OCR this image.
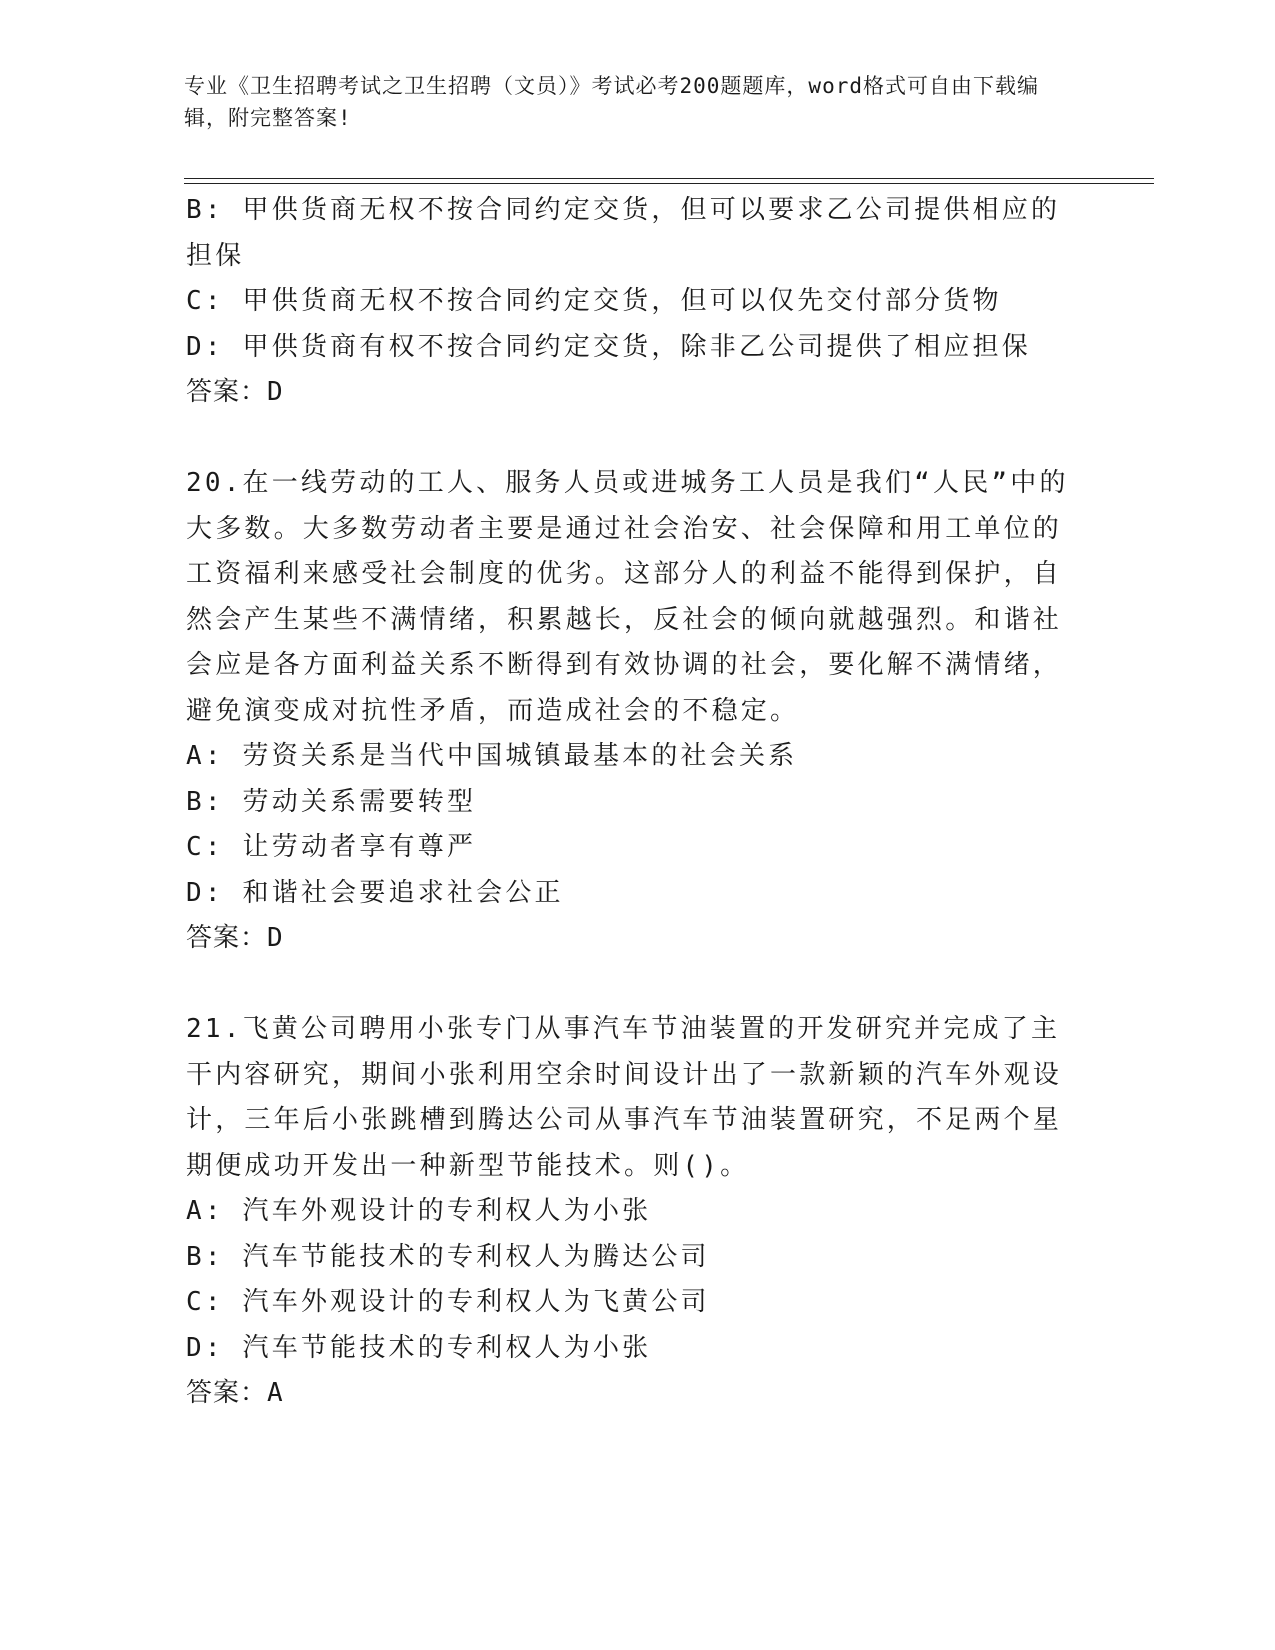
专业《卫生招聘考试之卫生招聘（文员）》考试必考200题题库，word格式可自由下载编辑，附完整答案!
B: 甲供货商无权不按合同约定交货，但可以要求乙公司提供相应的担保
C: 甲供货商无权不按合同约定交货，但可以仅先交付部分货物
D: 甲供货商有权不按合同约定交货，除非乙公司提供了相应担保
答案：D
20.在一线劳动的工人、服务人员或进城务工人员是我们“人民”中的大多数。大多数劳动者主要是通过社会治安、社会保障和用工单位的工资福利来感受社会制度的优劣。这部分人的利益不能得到保护，自然会产生某些不满情绪，积累越长，反社会的倾向就越强烈。和谐社会应是各方面利益关系不断得到有效协调的社会，要化解不满情绪，避免演变成对抗性矛盾，而造成社会的不稳定。
A: 劳资关系是当代中国城镇最基本的社会关系
B: 劳动关系需要转型
C: 让劳动者享有尊严
D: 和谐社会要追求社会公正
答案：D
21.飞黄公司聘用小张专门从事汽车节油装置的开发研究并完成了主干内容研究，期间小张利用空余时间设计出了一款新颖的汽车外观设计，三年后小张跳槽到腾达公司从事汽车节油装置研究，不足两个星期便成功开发出一种新型节能技术。则()。
A: 汽车外观设计的专利权人为小张
B: 汽车节能技术的专利权人为腾达公司
C: 汽车外观设计的专利权人为飞黄公司
D: 汽车节能技术的专利权人为小张
答案：A
